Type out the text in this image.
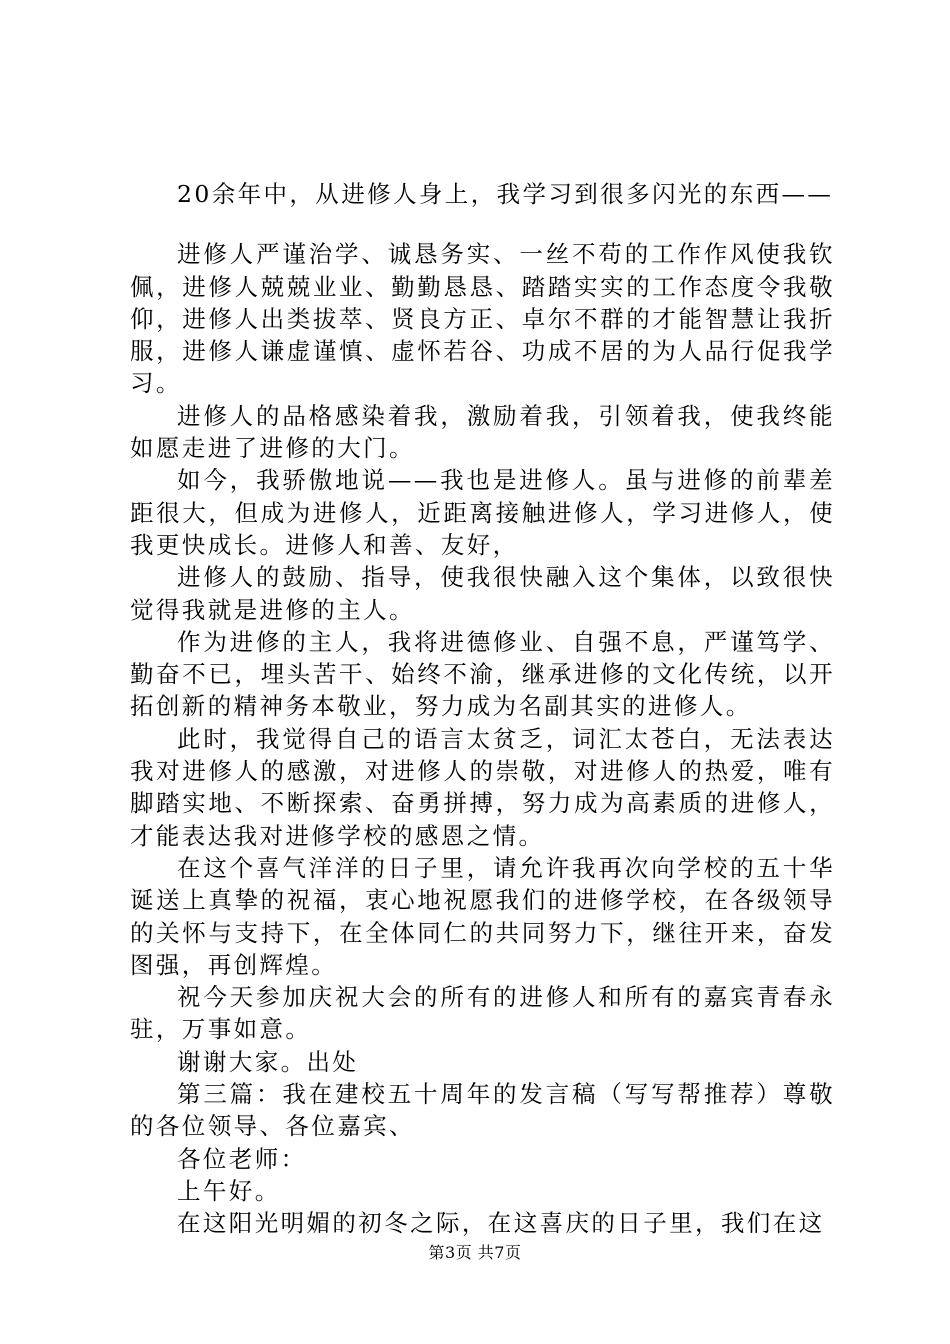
20余年中，从进修人身上，我学习到很多闪光的东西——

进修人严谨治学、诚恳务实、一丝不苟的工作作风使我钦佩，进修人兢兢业业、勤勤恳恳、踏踏实实的工作态度令我敬仰，进修人出类拔萃、贤良方正、卓尔不群的才能智慧让我折服，进修人谦虚谨慎、虚怀若谷、功成不居的为人品行促我学习。

进修人的品格感染着我，激励着我，引领着我，使我终能如愿走进了进修的大门。

如今，我骄傲地说——我也是进修人。虽与进修的前辈差距很大，但成为进修人，近距离接触进修人，学习进修人，使我更快成长。进修人和善、友好，

进修人的鼓励、指导，使我很快融入这个集体，以致很快觉得我就是进修的主人。

作为进修的主人，我将进德修业、自强不息，严谨笃学、勤奋不已，埋头苦干、始终不渝，继承进修的文化传统，以开拓创新的精神务本敬业，努力成为名副其实的进修人。

此时，我觉得自己的语言太贫乏，词汇太苍白，无法表达我对进修人的感激，对进修人的崇敬，对进修人的热爱，唯有脚踏实地、不断探索、奋勇拼搏，努力成为高素质的进修人，才能表达我对进修学校的感恩之情。

在这个喜气洋洋的日子里，请允许我再次向学校的五十华诞送上真挚的祝福，衷心地祝愿我们的进修学校，在各级领导的关怀与支持下，在全体同仁的共同努力下，继往开来，奋发图强，再创辉煌。

祝今天参加庆祝大会的所有的进修人和所有的嘉宾青春永驻，万事如意。

谢谢大家。出处

第三篇：我在建校五十周年的发言稿（写写帮推荐）尊敬的各位领导、各位嘉宾、

各位老师：

上午好。

在这阳光明媚的初冬之际，在这喜庆的日子里，我们在这

第3页 共7页
